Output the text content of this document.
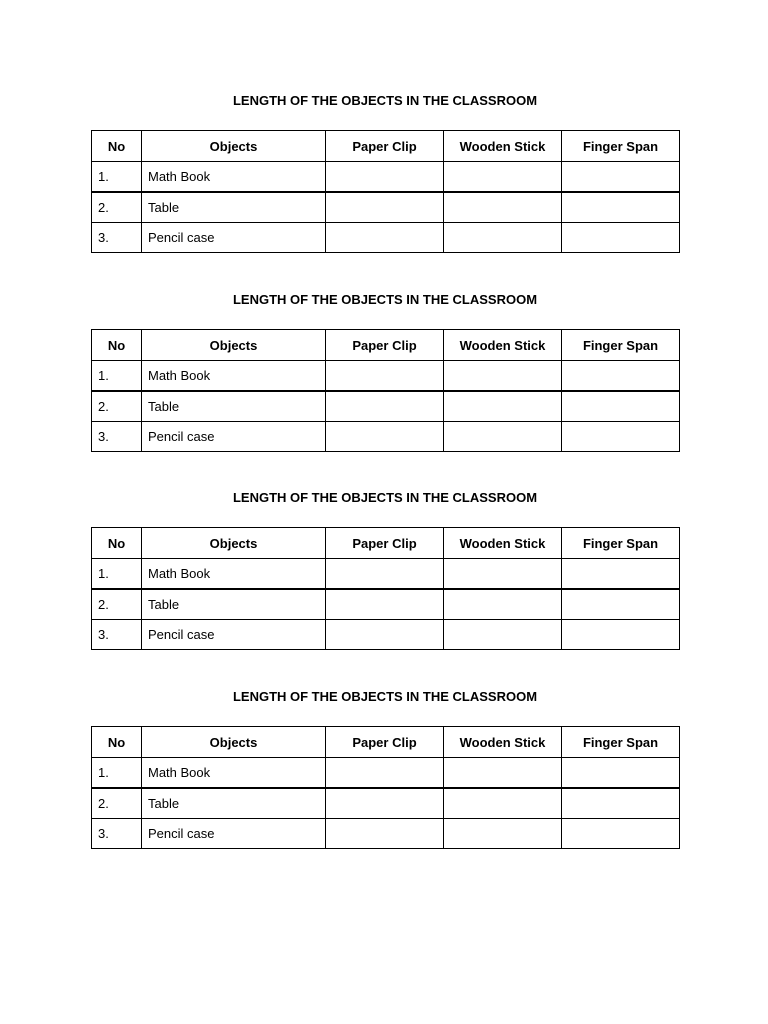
LENGTH OF THE OBJECTS IN THE CLASSROOM
No	Objects	Paper Clip	Wooden Stick	Finger Span
1.	Math Book			
2.	Table			
3.	Pencil case			
LENGTH OF THE OBJECTS IN THE CLASSROOM
No	Objects	Paper Clip	Wooden Stick	Finger Span
1.	Math Book			
2.	Table			
3.	Pencil case			
LENGTH OF THE OBJECTS IN THE CLASSROOM
No	Objects	Paper Clip	Wooden Stick	Finger Span
1.	Math Book			
2.	Table			
3.	Pencil case			
LENGTH OF THE OBJECTS IN THE CLASSROOM
No	Objects	Paper Clip	Wooden Stick	Finger Span
1.	Math Book			
2.	Table			
3.	Pencil case			
